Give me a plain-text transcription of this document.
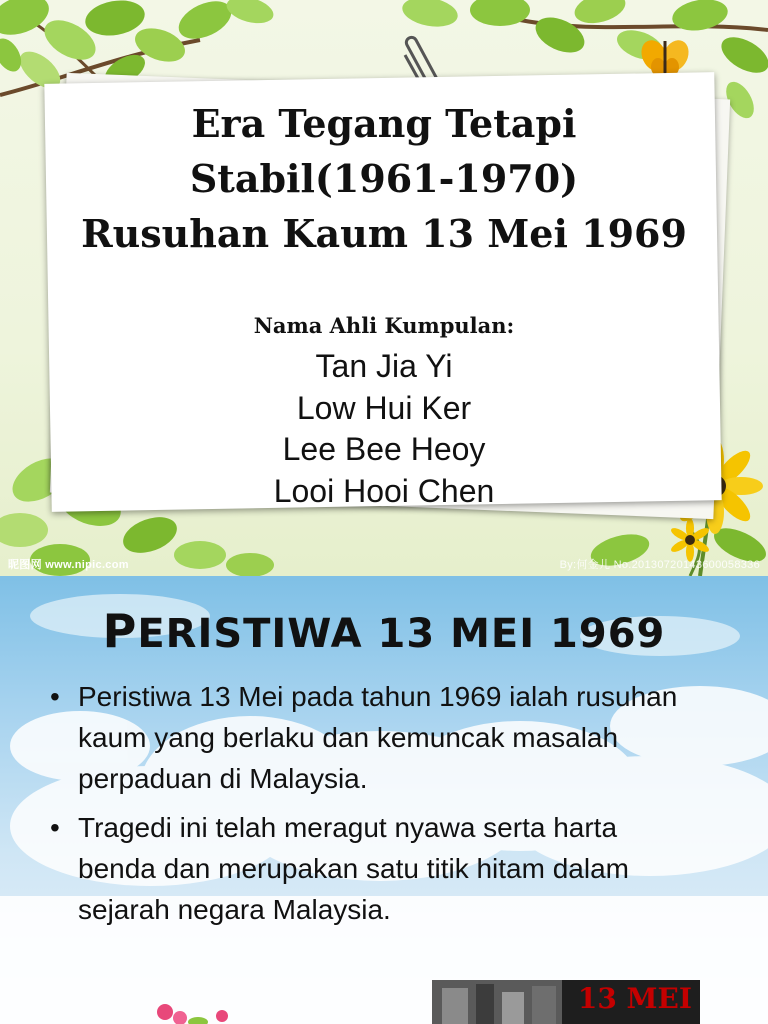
Era Tegang Tetapi
Stabil(1961-1970)
Rusuhan Kaum 13 Mei 1969

Nama Ahli Kumpulan:

Tan Jia Yi
Low Hui Ker
Lee Bee Heoy
Looi Hooi Chen
昵图网 www.nipic.com	By:何金儿 No.20130720143600058336
PERISTIWA 13 MEI 1969
• Peristiwa 13 Mei pada tahun 1969 ialah rusuhan kaum yang berlaku dan kemuncak masalah perpaduan di Malaysia.
• Tragedi ini telah meragut nyawa serta harta benda dan merupakan satu titik hitam dalam sejarah negara Malaysia.
13 MEI
